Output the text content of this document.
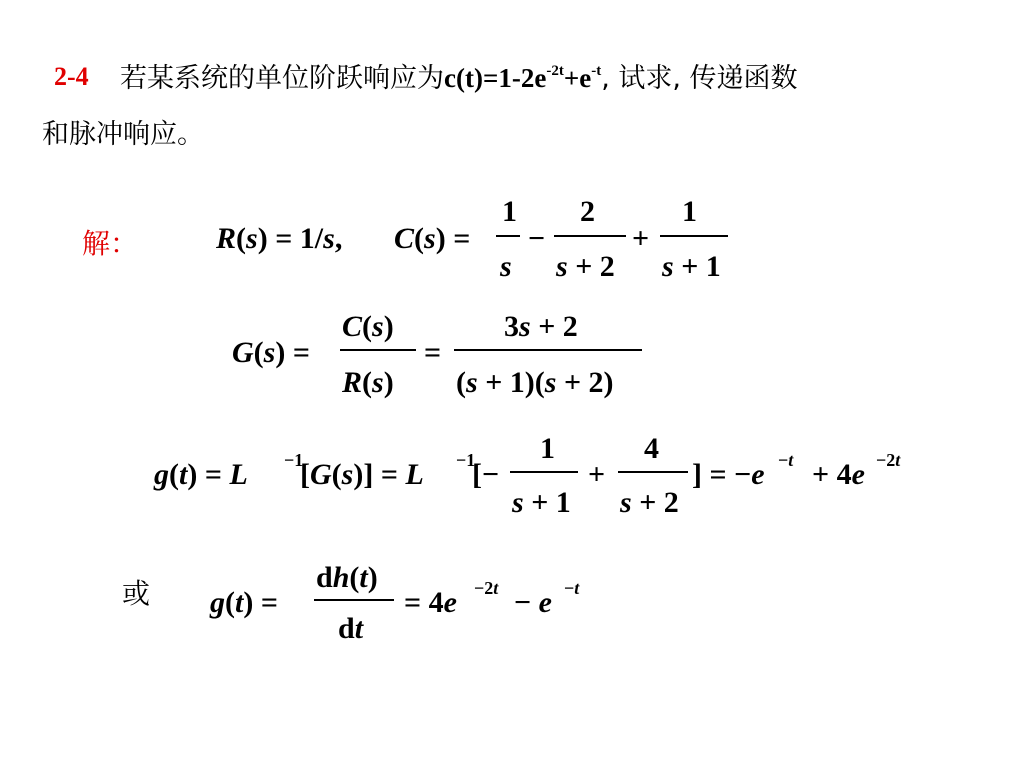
2-4 若某系统的单位阶跃响应为$c(t)=1-2e^{-2t}+e^{-t}$, 试求, 传递函数
和脉冲响应。
解：
或
R(s) = 1/s, C(s) =
1
s
−
2
s + 2
+
1
s + 1
G(s) =
C(s)
R(s)
=
3s + 2
(s + 1)(s + 2)
g(t) = L −1
[G(s)] = L −1
[−
1
s + 1
+
4
s + 2
] = −e −t + 4e −2t
g(t) =
dh(t)
dt
= 4e −2t − e −t
